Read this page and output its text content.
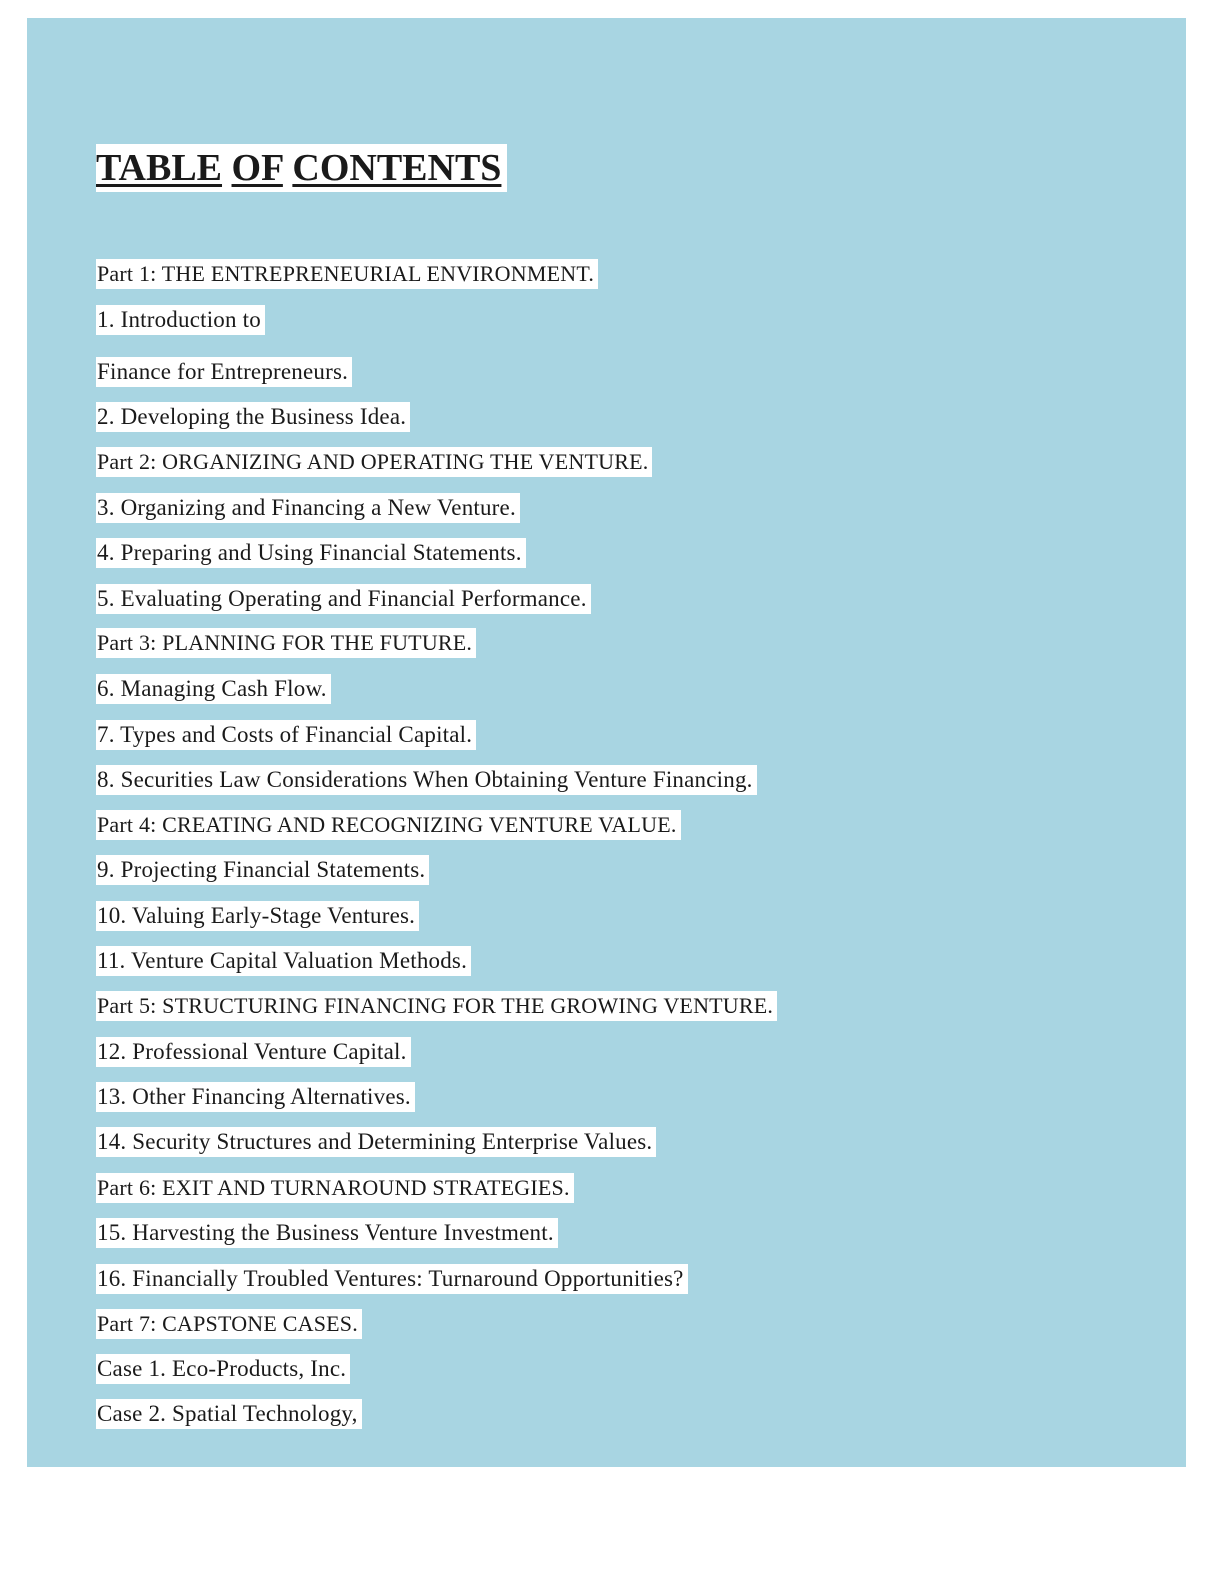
TABLE OF CONTENTS
Part 1: THE ENTREPRENEURIAL ENVIRONMENT.
1. Introduction to
Finance for Entrepreneurs.
2. Developing the Business Idea.
Part 2: ORGANIZING AND OPERATING THE VENTURE.
3. Organizing and Financing a New Venture.
4. Preparing and Using Financial Statements.
5. Evaluating Operating and Financial Performance.
Part 3: PLANNING FOR THE FUTURE.
6. Managing Cash Flow.
7. Types and Costs of Financial Capital.
8. Securities Law Considerations When Obtaining Venture Financing.
Part 4: CREATING AND RECOGNIZING VENTURE VALUE.
9. Projecting Financial Statements.
10. Valuing Early-Stage Ventures.
11. Venture Capital Valuation Methods.
Part 5: STRUCTURING FINANCING FOR THE GROWING VENTURE.
12. Professional Venture Capital.
13. Other Financing Alternatives.
14. Security Structures and Determining Enterprise Values.
Part 6: EXIT AND TURNAROUND STRATEGIES.
15. Harvesting the Business Venture Investment.
16. Financially Troubled Ventures: Turnaround Opportunities?
Part 7: CAPSTONE CASES.
Case 1. Eco-Products, Inc.
Case 2. Spatial Technology,
